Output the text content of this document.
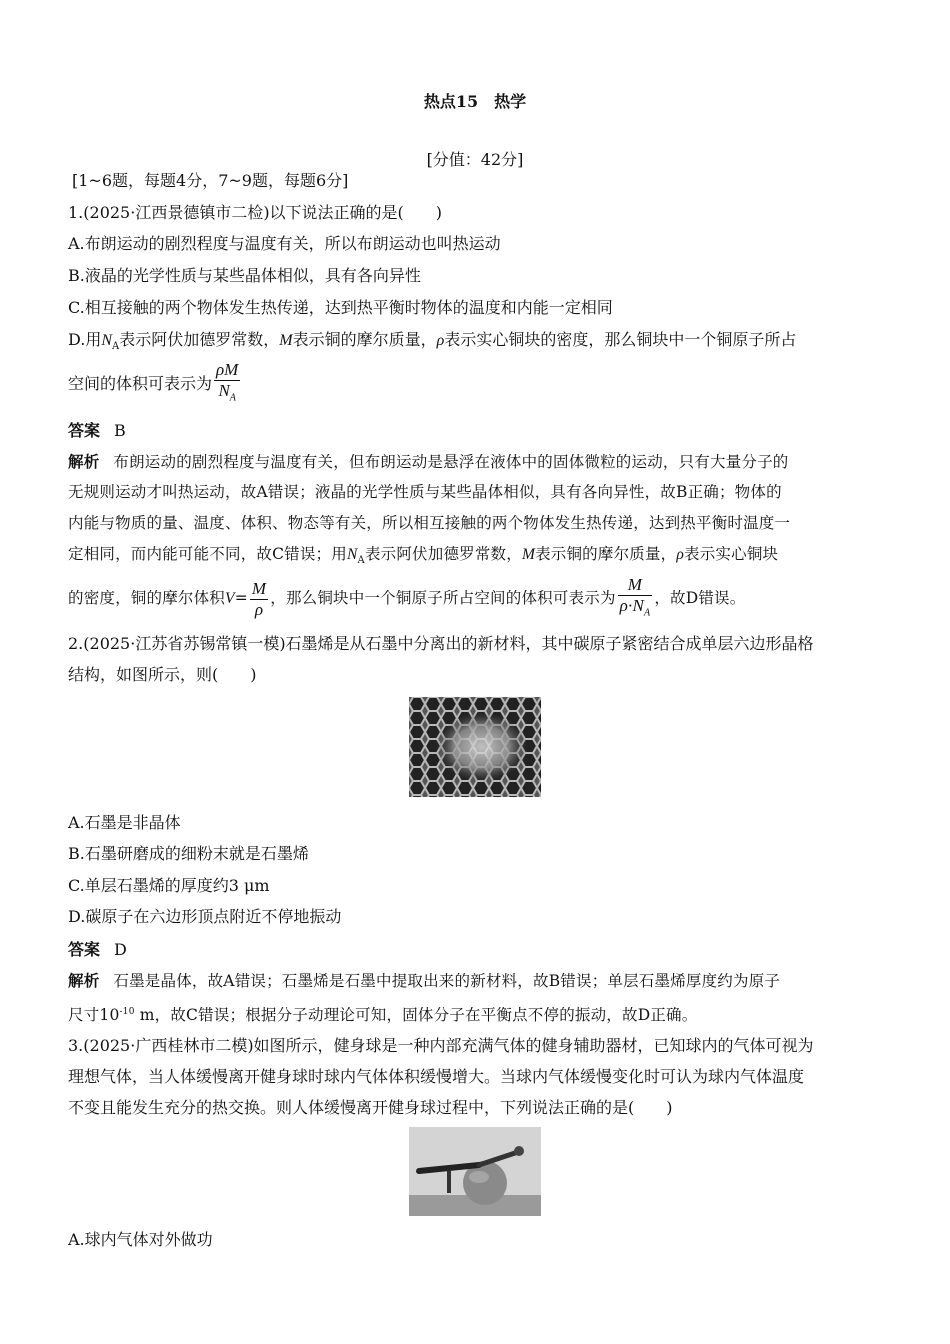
热点15　热学
[分值：42分]
[1~6题，每题4分，7~9题，每题6分]
1.(2025·江西景德镇市二检)以下说法正确的是(　　)
A.布朗运动的剧烈程度与温度有关，所以布朗运动也叫热运动
B.液晶的光学性质与某些晶体相似，具有各向异性
C.相互接触的两个物体发生热传递，达到热平衡时物体的温度和内能一定相同
D.用$N_A$表示阿伏加德罗常数，M表示铜的摩尔质量，ρ表示实心铜块的密度，那么铜块中一个铜原子所占
空间的体积可表示为 $\frac{\rho M}{N_A}$
答案 B
解析 布朗运动的剧烈程度与温度有关，但布朗运动是悬浮在液体中的固体微粒的运动，只有大量分子的
无规则运动才叫热运动，故A错误；液晶的光学性质与某些晶体相似，具有各向异性，故B正确；物体的
内能与物质的量、温度、体积、物态等有关，所以相互接触的两个物体发生热传递，达到热平衡时温度一
定相同，而内能可能不同，故C错误；用$N_A$表示阿伏加德罗常数，M表示铜的摩尔质量，ρ表示实心铜块
的密度，铜的摩尔体积$V= \frac{M}{\rho}$ ，那么铜块中一个铜原子所占空间的体积可表示为 $\frac{M}{\rho\cdot N_A}$ ，故D错误。
2.(2025·江苏省苏锡常镇一模)石墨烯是从石墨中分离出的新材料，其中碳原子紧密结合成单层六边形晶格
结构，如图所示，则(　　)
A.石墨是非晶体
B.石墨研磨成的细粉末就是石墨烯
C.单层石墨烯的厚度约3 μm
D.碳原子在六边形顶点附近不停地振动
答案 D
解析 石墨是晶体，故A错误；石墨烯是石墨中提取出来的新材料，故B错误；单层石墨烯厚度约为原子
尺寸$10^{-10}$ m，故C错误；根据分子动理论可知，固体分子在平衡点不停的振动，故D正确。
3.(2025·广西桂林市二模)如图所示，健身球是一种内部充满气体的健身辅助器材，已知球内的气体可视为
理想气体，当人体缓慢离开健身球时球内气体体积缓慢增大。当球内气体缓慢变化时可认为球内气体温度
不变且能发生充分的热交换。则人体缓慢离开健身球过程中，下列说法正确的是(　　)
A.球内气体对外做功
